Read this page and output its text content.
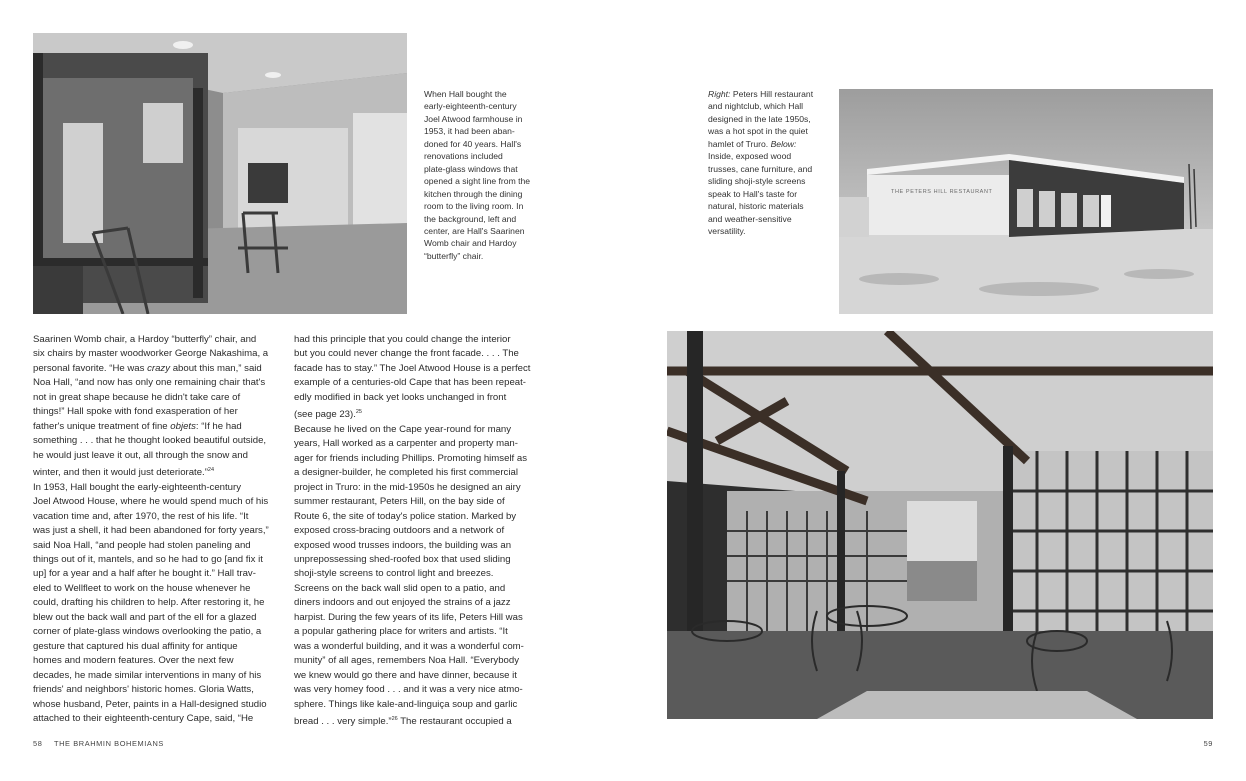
When Hall bought the
early-eighteenth-century
Joel Atwood farmhouse in
1953, it had been aban-
doned for 40 years. Hall's
renovations included
plate-glass windows that
opened a sight line from the
kitchen through the dining
room to the living room. In
the background, left and
center, are Hall's Saarinen
Womb chair and Hardoy
“butterfly” chair.
Right: Peters Hill restaurant
and nightclub, which Hall
designed in the late 1950s,
was a hot spot in the quiet
hamlet of Truro. Below:
Inside, exposed wood
trusses, cane furniture, and
sliding shoji-style screens
speak to Hall's taste for
natural, historic materials
and weather-sensitive
versatility.
THE PETERS HILL RESTAURANT
Saarinen Womb chair, a Hardoy “butterfly” chair, and
six chairs by master woodworker George Nakashima, a
personal favorite. “He was crazy about this man,” said
Noa Hall, “and now has only one remaining chair that's
not in great shape because he didn't take care of
things!” Hall spoke with fond exasperation of her
father's unique treatment of fine objets: “If he had
something . . . that he thought looked beautiful outside,
he would just leave it out, all through the snow and
winter, and then it would just deteriorate.”$^{24}$
In 1953, Hall bought the early-eighteenth-century
Joel Atwood House, where he would spend much of his
vacation time and, after 1970, the rest of his life. “It
was just a shell, it had been abandoned for forty years,”
said Noa Hall, “and people had stolen paneling and
things out of it, mantels, and so he had to go [and fix it
up] for a year and a half after he bought it.” Hall trav-
eled to Wellfleet to work on the house whenever he
could, drafting his children to help. After restoring it, he
blew out the back wall and part of the ell for a glazed
corner of plate-glass windows overlooking the patio, a
gesture that captured his dual affinity for antique
homes and modern features. Over the next few
decades, he made similar interventions in many of his
friends' and neighbors' historic homes. Gloria Watts,
whose husband, Peter, paints in a Hall-designed studio
attached to their eighteenth-century Cape, said, “He
had this principle that you could change the interior
but you could never change the front facade. . . . The
facade has to stay.” The Joel Atwood House is a perfect
example of a centuries-old Cape that has been repeat-
edly modified in back yet looks unchanged in front
(see page 23).$^{25}$
Because he lived on the Cape year-round for many
years, Hall worked as a carpenter and property man-
ager for friends including Phillips. Promoting himself as
a designer-builder, he completed his first commercial
project in Truro: in the mid-1950s he designed an airy
summer restaurant, Peters Hill, on the bay side of
Route 6, the site of today's police station. Marked by
exposed cross-bracing outdoors and a network of
exposed wood trusses indoors, the building was an
unprepossessing shed-roofed box that used sliding
shoji-style screens to control light and breezes.
Screens on the back wall slid open to a patio, and
diners indoors and out enjoyed the strains of a jazz
harpist. During the few years of its life, Peters Hill was
a popular gathering place for writers and artists. “It
was a wonderful building, and it was a wonderful com-
munity” of all ages, remembers Noa Hall. “Everybody
we knew would go there and have dinner, because it
was very homey food . . . and it was a very nice atmo-
sphere. Things like kale-and-linguiça soup and garlic
bread . . . very simple.”$^{26}$ The restaurant occupied a
58 THE BRAHMIN BOHEMIANS	59
